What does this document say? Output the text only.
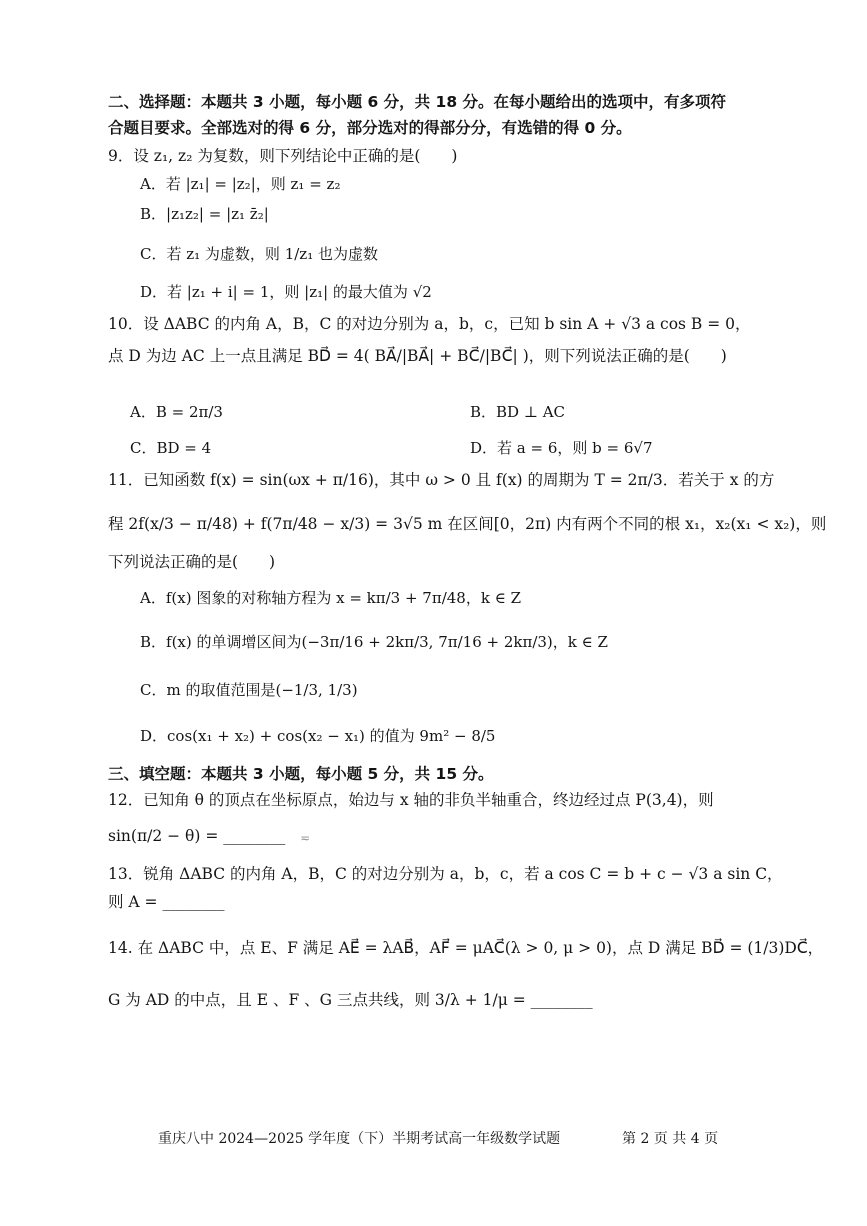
二、选择题：本题共 3 小题，每小题 6 分，共 18 分。在每小题给出的选项中，有多项符
合题目要求。全部选对的得 6 分，部分选对的得部分分，有选错的得 0 分。
9．设 z₁, z₂ 为复数，则下列结论中正确的是(　　)
A．若 |z₁| = |z₂|，则 z₁ = z₂
B．|z₁z₂| = |z₁ z̄₂|
C．若 z₁ 为虚数，则 1/z₁ 也为虚数
D．若 |z₁ + i| = 1，则 |z₁| 的最大值为 √2
10．设 ΔABC 的内角 A，B，C 的对边分别为 a，b，c，已知 b sin A + √3 a cos B = 0，
点 D 为边 AC 上一点且满足 BD⃗ = 4( BA⃗/|BA⃗| + BC⃗/|BC⃗| )，则下列说法正确的是(　　)
A．B = 2π/3	B．BD ⊥ AC
C．BD = 4	D．若 a = 6，则 b = 6√7
11．已知函数 f(x) = sin(ωx + π/16)，其中 ω > 0 且 f(x) 的周期为 T = 2π/3．若关于 x 的方
程 2f(x/3 − π/48) + f(7π/48 − x/3) = 3√5 m 在区间[0，2π) 内有两个不同的根 x₁，x₂(x₁ < x₂)，则
下列说法正确的是(　　)
A．f(x) 图象的对称轴方程为 x = kπ/3 + 7π/48，k ∈ Z
B．f(x) 的单调增区间为(−3π/16 + 2kπ/3, 7π/16 + 2kπ/3)，k ∈ Z
C．m 的取值范围是(−1/3, 1/3)
D．cos(x₁ + x₂) + cos(x₂ − x₁) 的值为 9m² − 8/5
三、填空题：本题共 3 小题，每小题 5 分，共 15 分。
12．已知角 θ 的顶点在坐标原点，始边与 x 轴的非负半轴重合，终边经过点 P(3,4)，则
sin(π/2 − θ) = ________ ≂
13．锐角 ΔABC 的内角 A，B，C 的对边分别为 a，b，c，若 a cos C = b + c − √3 a sin C，
则 A = ________
14. 在 ΔABC 中，点 E、F 满足 AE⃗ = λAB⃗，AF⃗ = μAC⃗(λ > 0, μ > 0)，点 D 满足 BD⃗ = (1/3)DC⃗，
G 为 AD 的中点，且 E 、F 、G 三点共线，则 3/λ + 1/μ = ________
重庆八中 2024—2025 学年度（下）半期考试高一年级数学试题	第 2 页 共 4 页
